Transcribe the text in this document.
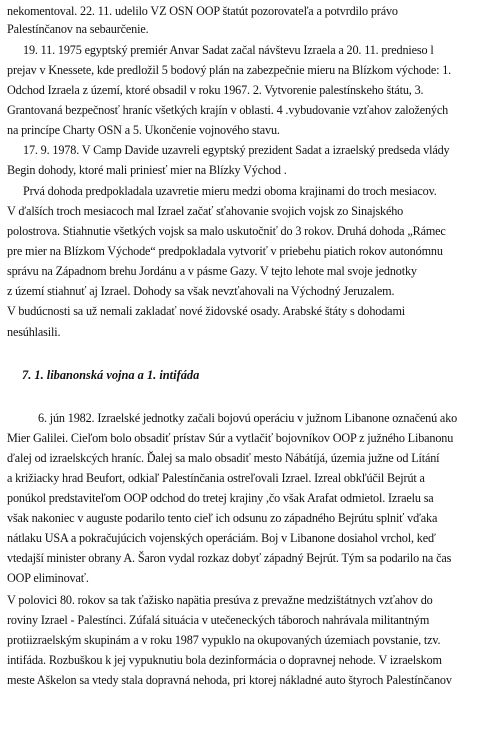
nekomentoval. 22. 11. udelilo VZ OSN OOP štatút pozorovateľa a potvrdilo právo
Palestínčanov na sebaurčenie.
19. 11. 1975 egyptský premiér Anvar Sadat začal návštevu Izraela a 20. 11. prednieso l
prejav v Knessete, kde predložil 5 bodový plán na zabezpečnie mieru na Blízkom východe: 1.
Odchod Izraela z území, ktoré obsadil v roku 1967. 2. Vytvorenie palestínskeho štátu, 3.
Grantovaná bezpečnosť hraníc všetkých krajín v oblasti. 4 .vybudovanie vzťahov založených
na princípe Charty OSN a 5. Ukončenie vojnového stavu.
17. 9. 1978. V Camp Davide uzavreli egyptský prezident Sadat a izraelský predseda vlády
Begin dohody, ktoré mali priniesť mier na Blízky Východ .
Prvá dohoda predpokladala uzavretie mieru medzi oboma krajinami do troch mesiacov.
V ďalších troch mesiacoch mal Izrael začať sťahovanie svojich vojsk zo Sinajského
polostrova. Stiahnutie všetkých vojsk sa malo uskutočniť do 3 rokov. Druhá dohoda „Rámec
pre mier na Blízkom Východe“ predpokladala vytvoriť v priebehu piatich rokov autonómnu
správu na Západnom brehu Jordánu a v pásme Gazy. V tejto lehote mal svoje jednotky
z území stiahnuť aj Izrael. Dohody sa však nevzťahovali na Východný Jeruzalem.
V budúcnosti sa už nemali zakladať nové židovské osady. Arabské štáty s dohodami
nesúhlasili.
7. 1. libanonská vojna a 1. intifáda
6. jún 1982. Izraelské jednotky začali bojovú operáciu v južnom Libanone označenú ako
Mier Galilei. Cieľom bolo obsadiť prístav Súr a vytlačiť bojovníkov OOP z južného Libanonu
ďalej od izraelskcých hraníc. Ďalej sa malo obsadiť mesto Nábátíjá, územia južne od Lítání
a križiacky hrad Beufort, odkiaľ Palestínčania ostreľovali Izrael. Izreal obkľúčil Bejrút a
ponúkol predstaviteľom OOP odchod do tretej krajiny ,čo však Arafat odmietol. Izraelu sa
však nakoniec v auguste podarilo tento cieľ ich odsunu zo západného Bejrútu splniť vďaka
nátlaku USA a pokračujúcich vojenských operáciám. Boj v Libanone dosiahol vrchol, keď
vtedajší minister obrany A. Šaron vydal rozkaz dobyť západný Bejrút. Tým sa podarilo na čas
OOP eliminovať.
V polovici 80. rokov sa tak ťažisko napätia presúva z prevažne medzištátnych vzťahov do
roviny Izrael - Palestínci. Zúfalá situácia v utečeneckých táboroch nahrávala militantným
protiizraelským skupinám a v roku 1987 vypuklo na okupovaných územiach povstanie, tzv.
intifáda. Rozbuškou k jej vypuknutiu bola dezinformácia o dopravnej nehode. V izraelskom
meste Aškelon sa vtedy stala dopravná nehoda, pri ktorej nákladné auto štyroch Palestínčanov
